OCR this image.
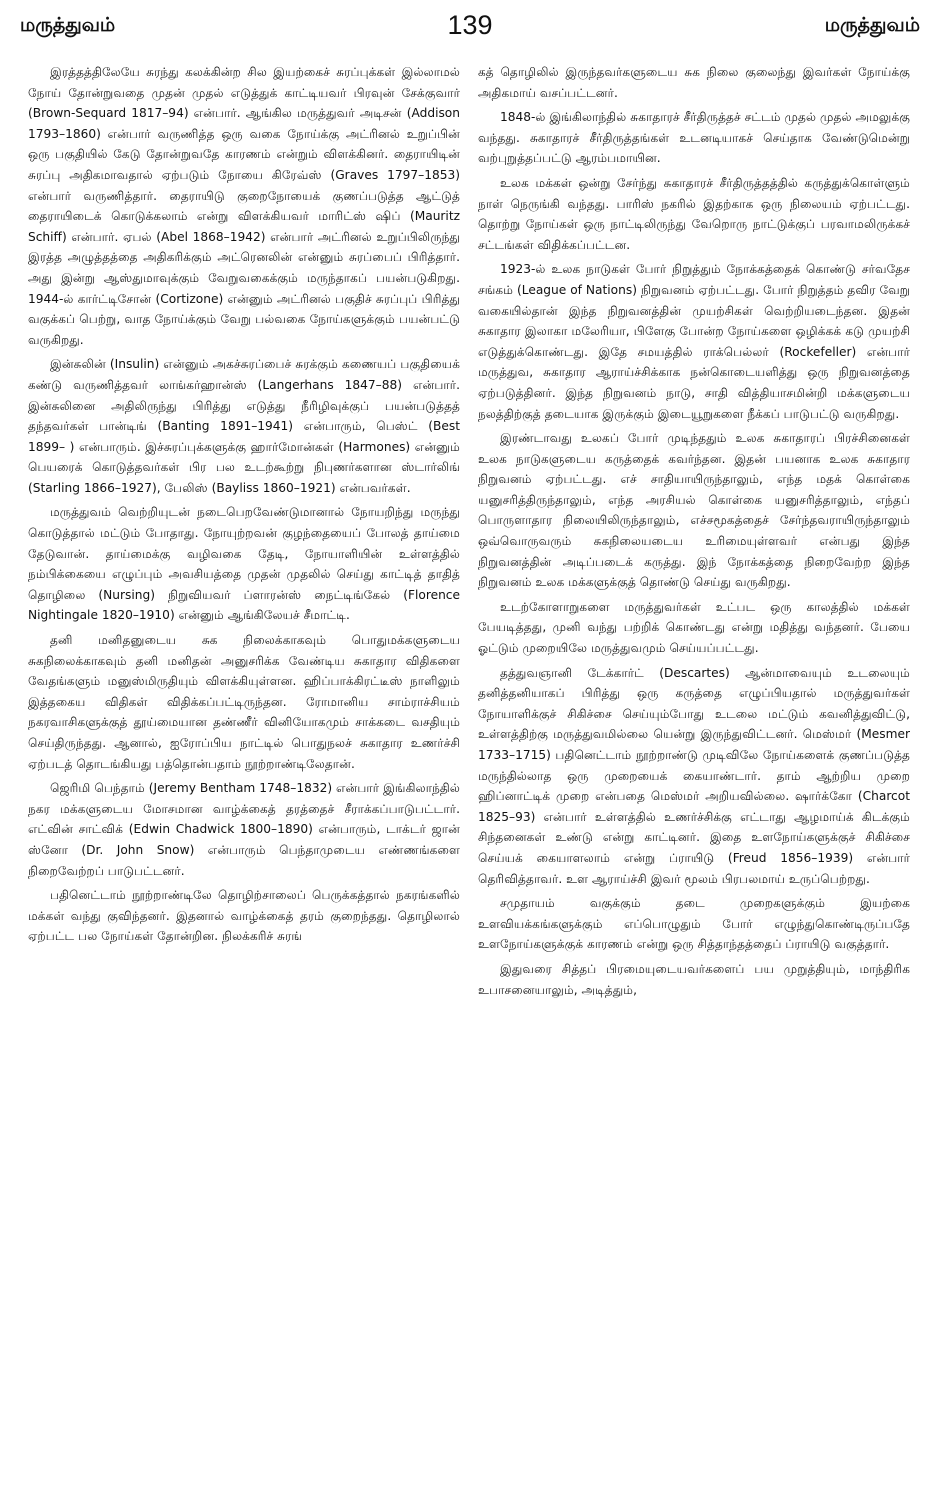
மருத்துவம்	139	மருத்துவம்

இரத்தத்திலேயே சுரந்து கலக்கின்ற சில இயற்கைச் சுரப்புக்கள் இல்லாமல் நோய் தோன்றுவதை முதன் முதல் எடுத்துக் காட்டியவர் பிரவுன் சேக்குவார் (Brown-Sequard 1817–94) என்பார். ஆங்கில மருத்துவர் அடிசன் (Addison 1793–1860) என்பார் வருணித்த ஒரு வகை நோய்க்கு அட்ரினல் உறுப்பின் ஒரு பகுதியில் கேடு தோன்றுவதே காரணம் என்றும் விளக்கினர். தைராயிடின் சுரப்பு அதிகமாவதால் ஏற்படும் நோயை கிரேவ்ஸ் (Graves 1797–1853) என்பார் வருணித்தார். தைராயிடு குறைநோயைக் குணப்படுத்த ஆட்டுத் தைராயிடைக் கொடுக்கலாம் என்று விளக்கியவர் மாரிட்ஸ் ஷிப் (Mauritz Schiff) என்பார். ஏபல் (Abel 1868–1942) என்பார் அட்ரினல் உறுப்பிலிருந்து இரத்த அழுத்தத்தை அதிகரிக்கும் அட்ரெனலின் என்னும் சுரப்பைப் பிரித்தார். அது இன்று ஆஸ்துமாவுக்கும் வேறுவகைக்கும் மருந்தாகப் பயன்படுகிறது. 1944-ல் கார்ட்டிசோன் (Cortizone) என்னும் அட்ரினல் பகுதிச் சுரப்புப் பிரித்து வகுக்கப் பெற்று, வாத நோய்க்கும் வேறு பல்வகை நோய்களுக்கும் பயன்பட்டு வருகிறது.

இன்சுலின் (Insulin) என்னும் அகச்சுரப்பைச் சுரக்கும் கணையப் பகுதியைக் கண்டு வருணித்தவர் லாங்கர்ஹான்ஸ் (Langerhans 1847–88) என்பார். இன்சுலினை அதிலிருந்து பிரித்து எடுத்து நீரிழிவுக்குப் பயன்படுத்தத் தந்தவர்கள் பான்டிங் (Banting 1891–1941) என்பாரும், பெஸ்ட் (Best 1899– ) என்பாரும். இச்சுரப்புக்களுக்கு ஹார்மோன்கள் (Harmones) என்னும் பெயரைக் கொடுத்தவர்கள் பிர பல உடற்கூற்று நிபுணர்களான ஸ்டார்லிங் (Starling 1866–1927), பேலிஸ் (Bayliss 1860–1921) என்பவர்கள்.

மருத்துவம் வெற்றியுடன் நடைபெறவேண்டுமானால் நோயறிந்து மருந்து கொடுத்தால் மட்டும் போதாது. நோயுற்றவன் குழந்தையைப் போலத் தாய்மை தேடுவான். தாய்மைக்கு வழிவகை தேடி, நோயாளியின் உள்ளத்தில் நம்பிக்கையை எழுப்பும் அவசியத்தை முதன் முதலில் செய்து காட்டித் தாதித் தொழிலை (Nursing) நிறுவியவர் ப்ளாரன்ஸ் நைட்டிங்கேல் (Florence Nightingale 1820–1910) என்னும் ஆங்கிலேயச் சீமாட்டி.

தனி மனிதனுடைய சுக நிலைக்காகவும் பொதுமக்களுடைய சுகநிலைக்காகவும் தனி மனிதன் அனுசரிக்க வேண்டிய சுகாதார விதிகளை வேதங்களும் மனுஸ்மிருதியும் விளக்கியுள்ளன. ஹிப்பாக்கிரட்டீஸ் நாளிலும் இத்தகைய விதிகள் விதிக்கப்பட்டிருந்தன. ரோமானிய சாம்ராச்சியம் நகரவாசிகளுக்குத் தூய்மையான தண்ணீர் வினியோகமும் சாக்கடை வசதியும் செய்திருந்தது. ஆனால், ஐரோப்பிய நாட்டில் பொதுநலச் சுகாதார உணர்ச்சி ஏற்படத் தொடங்கியது பத்தொன்பதாம் நூற்றாண்டிலேதான்.

ஜெரிமி பெந்தாம் (Jeremy Bentham 1748–1832) என்பார் இங்கிலாந்தில் நகர மக்களுடைய மோசமான வாழ்க்கைத் தரத்தைச் சீராக்கப்பாடுபட்டார். எட்வின் சாட்விக் (Edwin Chadwick 1800–1890) என்பாரும், டாக்டர் ஜான் ஸ்னோ (Dr. John Snow) என்பாரும் பெந்தாமுடைய எண்ணங்களை நிறைவேற்றப் பாடுபட்டனர்.

பதினெட்டாம் நூற்றாண்டிலே தொழிற்சாலைப் பெருக்கத்தால் நகரங்களில் மக்கள் வந்து குவிந்தனர். இதனால் வாழ்க்கைத் தரம் குறைந்தது. தொழிலால் ஏற்பட்ட பல நோய்கள் தோன்றின. நிலக்கரிச் சுரங்

கத் தொழிலில் இருந்தவர்களுடைய சுக நிலை குலைந்து இவர்கள் நோய்க்கு அதிகமாய் வசப்பட்டனர்.

1848-ல் இங்கிலாந்தில் சுகாதாரச் சீர்திருத்தச் சட்டம் முதல் முதல் அமலுக்கு வந்தது. சுகாதாரச் சீர்திருத்தங்கள் உடனடியாகச் செய்தாக வேண்டுமென்று வற்புறுத்தப்பட்டு ஆரம்பமாயின.

உலக மக்கள் ஒன்று சேர்ந்து சுகாதாரச் சீர்திருத்தத்தில் கருத்துக்கொள்ளும் நாள் நெருங்கி வந்தது. பாரிஸ் நகரில் இதற்காக ஒரு நிலையம் ஏற்பட்டது. தொற்று நோய்கள் ஒரு நாட்டிலிருந்து வேறொரு நாட்டுக்குப் பரவாமலிருக்கச் சட்டங்கள் விதிக்கப்பட்டன.

1923-ல் உலக நாடுகள் போர் நிறுத்தும் நோக்கத்தைக் கொண்டு சர்வதேச சங்கம் (League of Nations) நிறுவனம் ஏற்பட்டது. போர் நிறுத்தம் தவிர வேறு வகையில்தான் இந்த நிறுவனத்தின் முயற்சிகள் வெற்றியடைந்தன. இதன் சுகாதார இலாகா மலேரியா, பிளேகு போன்ற நோய்களை ஒழிக்கக் கடு முயற்சி எடுத்துக்கொண்டது. இதே சமயத்தில் ராக்பெல்லர் (Rockefeller) என்பார் மருத்துவ, சுகாதார ஆராய்ச்சிக்காக நன்கொடையளித்து ஒரு நிறுவனத்தை ஏற்படுத்தினர். இந்த நிறுவனம் நாடு, சாதி வித்தியாசமின்றி மக்களுடைய நலத்திற்குத் தடையாக இருக்கும் இடையூறுகளை நீக்கப் பாடுபட்டு வருகிறது.

இரண்டாவது உலகப் போர் முடிந்ததும் உலக சுகாதாரப் பிரச்சினைகள் உலக நாடுகளுடைய கருத்தைக் கவர்ந்தன. இதன் பயனாக உலக சுகாதார நிறுவனம் ஏற்பட்டது. எச் சாதியாயிருந்தாலும், எந்த மதக் கொள்கை யனுசரித்திருந்தாலும், எந்த அரசியல் கொள்கை யனுசரித்தாலும், எந்தப் பொருளாதார நிலையிலிருந்தாலும், எச்சமூகத்தைச் சேர்ந்தவராயிருந்தாலும் ஒவ்வொருவரும் சுகநிலையடைய உரிமையுள்ளவர் என்பது இந்த நிறுவனத்தின் அடிப்படைக் கருத்து. இந் நோக்கத்தை நிறைவேற்ற இந்த நிறுவனம் உலக மக்களுக்குத் தொண்டு செய்து வருகிறது.

உடற்கோளாறுகளை மருத்துவர்கள் உட்பட ஒரு காலத்தில் மக்கள் பேயடித்தது, முனி வந்து பற்றிக் கொண்டது என்று மதித்து வந்தனர். பேயை ஓட்டும் முறையிலே மருத்துவமும் செய்யப்பட்டது.

தத்துவஞானி டேக்கார்ட் (Descartes) ஆன்மாவையும் உடலையும் தனித்தனியாகப் பிரித்து ஒரு கருத்தை எழுப்பியதால் மருத்துவர்கள் நோயாளிக்குச் சிகிச்சை செய்யும்போது உடலை மட்டும் கவனித்துவிட்டு, உள்ளத்திற்கு மருத்துவமில்லை யென்று இருந்துவிட்டனர். மெஸ்மர் (Mesmer 1733–1715) பதினெட்டாம் நூற்றாண்டு முடிவிலே நோய்களைக் குணப்படுத்த மருந்தில்லாத ஒரு முறையைக் கையாண்டார். தாம் ஆற்றிய முறை ஹிப்னாட்டிக் முறை என்பதை மெஸ்மர் அறியவில்லை. ஷார்க்கோ (Charcot 1825–93) என்பார் உள்ளத்தில் உணர்ச்சிக்கு எட்டாது ஆழமாய்க் கிடக்கும் சிந்தனைகள் உண்டு என்று காட்டினர். இதை உளநோய்களுக்குச் சிகிச்சை செய்யக் கையாளலாம் என்று ப்ராயிடு (Freud 1856–1939) என்பார் தெரிவித்தாவர். உள ஆராய்ச்சி இவர் மூலம் பிரபலமாய் உருப்பெற்றது.

சமுதாயம் வகுக்கும் தடை முறைகளுக்கும் இயற்கை உளவியக்கங்களுக்கும் எப்பொழுதும் போர் எழுந்துகொண்டிருப்பதே உளநோய்களுக்குக் காரணம் என்று ஒரு சித்தாந்தத்தைப் ப்ராயிடு வகுத்தார்.

இதுவரை சித்தப் பிரமையுடையவர்களைப் பய முறுத்தியும், மாந்திரிக உபாசனையாலும், அடித்தும்,
